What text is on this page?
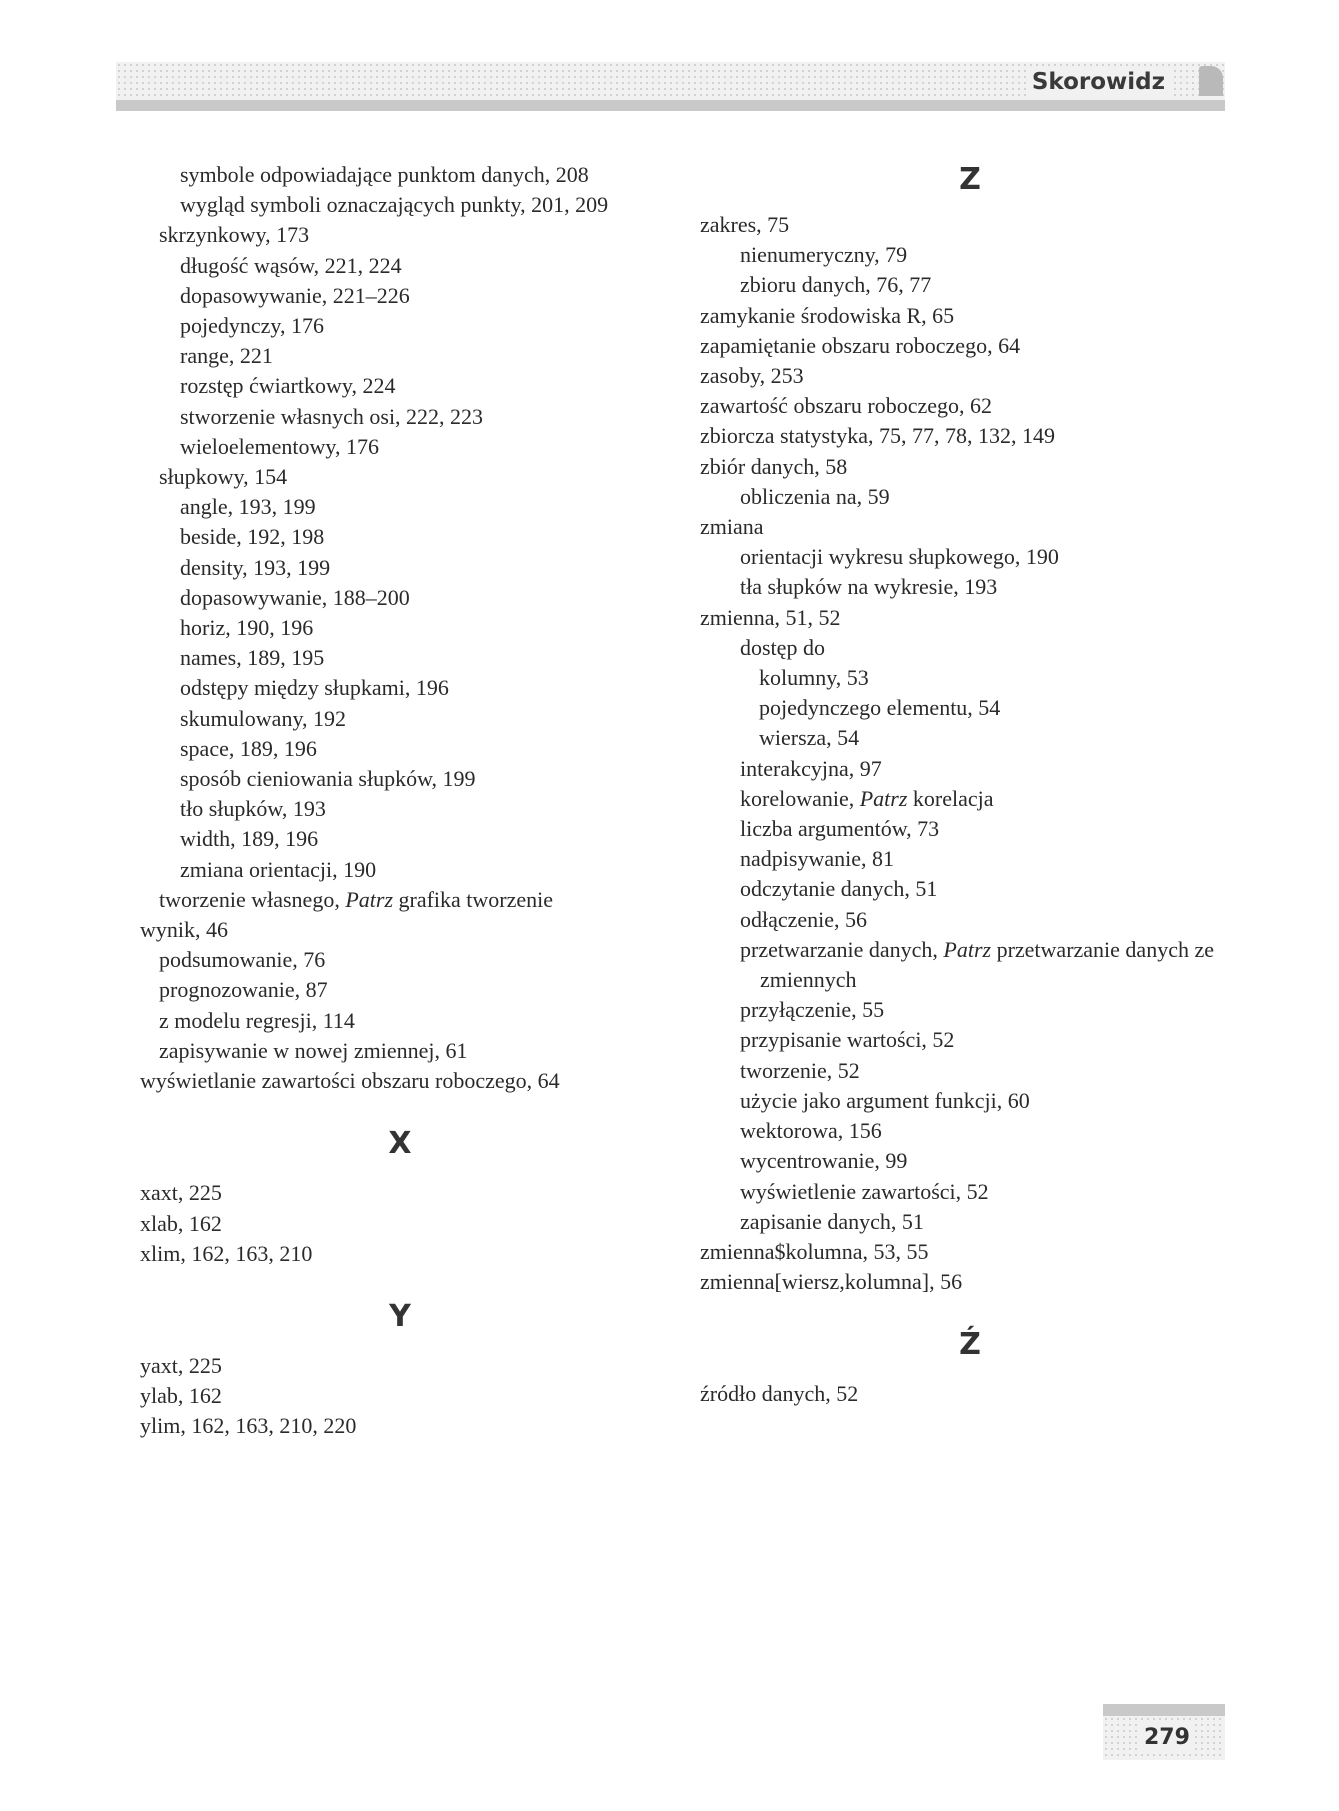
Skorowidz
symbole odpowiadające punktom danych, 208
wygląd symboli oznaczających punkty, 201, 209
skrzynkowy, 173
długość wąsów, 221, 224
dopasowywanie, 221–226
pojedynczy, 176
range, 221
rozstęp ćwiartkowy, 224
stworzenie własnych osi, 222, 223
wieloelementowy, 176
słupkowy, 154
angle, 193, 199
beside, 192, 198
density, 193, 199
dopasowywanie, 188–200
horiz, 190, 196
names, 189, 195
odstępy między słupkami, 196
skumulowany, 192
space, 189, 196
sposób cieniowania słupków, 199
tło słupków, 193
width, 189, 196
zmiana orientacji, 190
tworzenie własnego, Patrz grafika tworzenie
wynik, 46
podsumowanie, 76
prognozowanie, 87
z modelu regresji, 114
zapisywanie w nowej zmiennej, 61
wyświetlanie zawartości obszaru roboczego, 64
X
xaxt, 225
xlab, 162
xlim, 162, 163, 210
Y
yaxt, 225
ylab, 162
ylim, 162, 163, 210, 220
Z
zakres, 75
nienumeryczny, 79
zbioru danych, 76, 77
zamykanie środowiska R, 65
zapamiętanie obszaru roboczego, 64
zasoby, 253
zawartość obszaru roboczego, 62
zbiorcza statystyka, 75, 77, 78, 132, 149
zbiór danych, 58
obliczenia na, 59
zmiana
orientacji wykresu słupkowego, 190
tła słupków na wykresie, 193
zmienna, 51, 52
dostęp do
kolumny, 53
pojedynczego elementu, 54
wiersza, 54
interakcyjna, 97
korelowanie, Patrz korelacja
liczba argumentów, 73
nadpisywanie, 81
odczytanie danych, 51
odłączenie, 56
przetwarzanie danych, Patrz przetwarzanie danych ze zmiennych
przyłączenie, 55
przypisanie wartości, 52
tworzenie, 52
użycie jako argument funkcji, 60
wektorowa, 156
wycentrowanie, 99
wyświetlenie zawartości, 52
zapisanie danych, 51
zmienna$kolumna, 53, 55
zmienna[wiersz,kolumna], 56
Ź
źródło danych, 52
279
